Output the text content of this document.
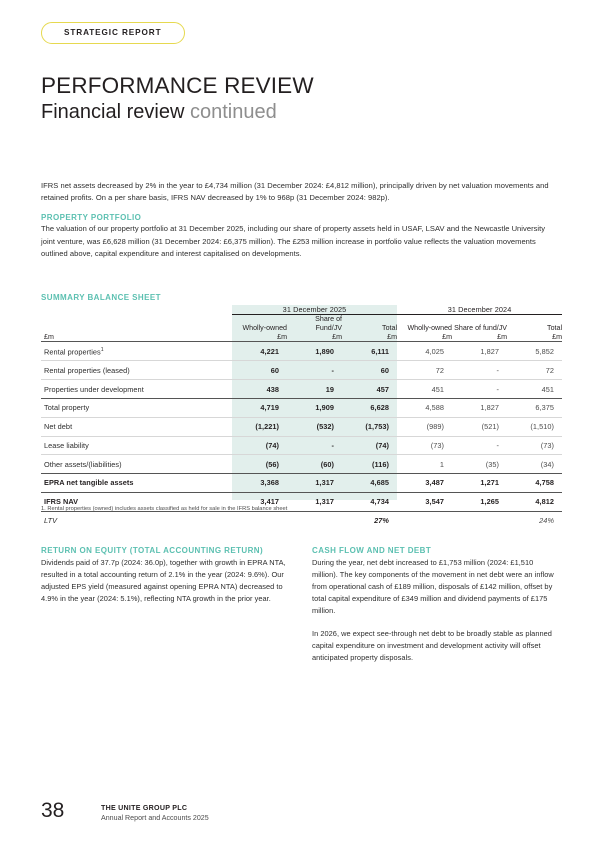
STRATEGIC REPORT
PERFORMANCE REVIEW
Financial review continued

IFRS net assets decreased by 2% in the year to £4,734 million (31 December 2024: £4,812 million), principally driven by net valuation movements and retained profits. On a per share basis, IFRS NAV decreased by 1% to 968p (31 December 2024: 982p).

PROPERTY PORTFOLIO

The valuation of our property portfolio at 31 December 2025, including our share of property assets held in USAF, LSAV and the Newcastle University joint venture, was £6,628 million (31 December 2024: £6,375 million). The £253 million increase in portfolio value reflects the valuation movements outlined above, capital expenditure and interest capitalised on developments.

SUMMARY BALANCE SHEET
	31 December 2025			31 December 2024		
	Wholly-owned	Share of Fund/JV	Total	Wholly-owned	Share of fund/JV	Total
£m	£m	£m	£m	£m	£m	£m
Rental properties$^1$	4,221	1,890	6,111	4,025	1,827	5,852
Rental properties (leased)	60	-	60	72	-	72
Properties under development	438	19	457	451	-	451
Total property	4,719	1,909	6,628	4,588	1,827	6,375
Net debt	(1,221)	(532)	(1,753)	(989)	(521)	(1,510)
Lease liability	(74)	-	(74)	(73)	-	(73)
Other assets/(liabilities)	(56)	(60)	(116)	1	(35)	(34)
EPRA net tangible assets	3,368	1,317	4,685	3,487	1,271	4,758
IFRS NAV	3,417	1,317	4,734	3,547	1,265	4,812
LTV			27%			24%
1. Rental properties (owned) includes assets classified as held for sale in the IFRS balance sheet
RETURN ON EQUITY (TOTAL ACCOUNTING RETURN)

Dividends paid of 37.7p (2024: 36.0p), together with growth in EPRA NTA, resulted in a total accounting return of 2.1% in the year (2024: 9.6%). Our adjusted EPS yield (measured against opening EPRA NTA) decreased to 4.9% in the year (2024: 5.1%), reflecting NTA growth in the prior year.

CASH FLOW AND NET DEBT

During the year, net debt increased to £1,753 million (2024: £1,510 million). The key components of the movement in net debt were an inflow from operational cash of £189 million, disposals of £142 million, offset by total capital expenditure of £349 million and dividend payments of £175 million.

In 2026, we expect see-through net debt to be broadly stable as planned capital expenditure on investment and development activity will offset anticipated property disposals.

38	THE UNITE GROUP PLC
Annual Report and Accounts 2025
